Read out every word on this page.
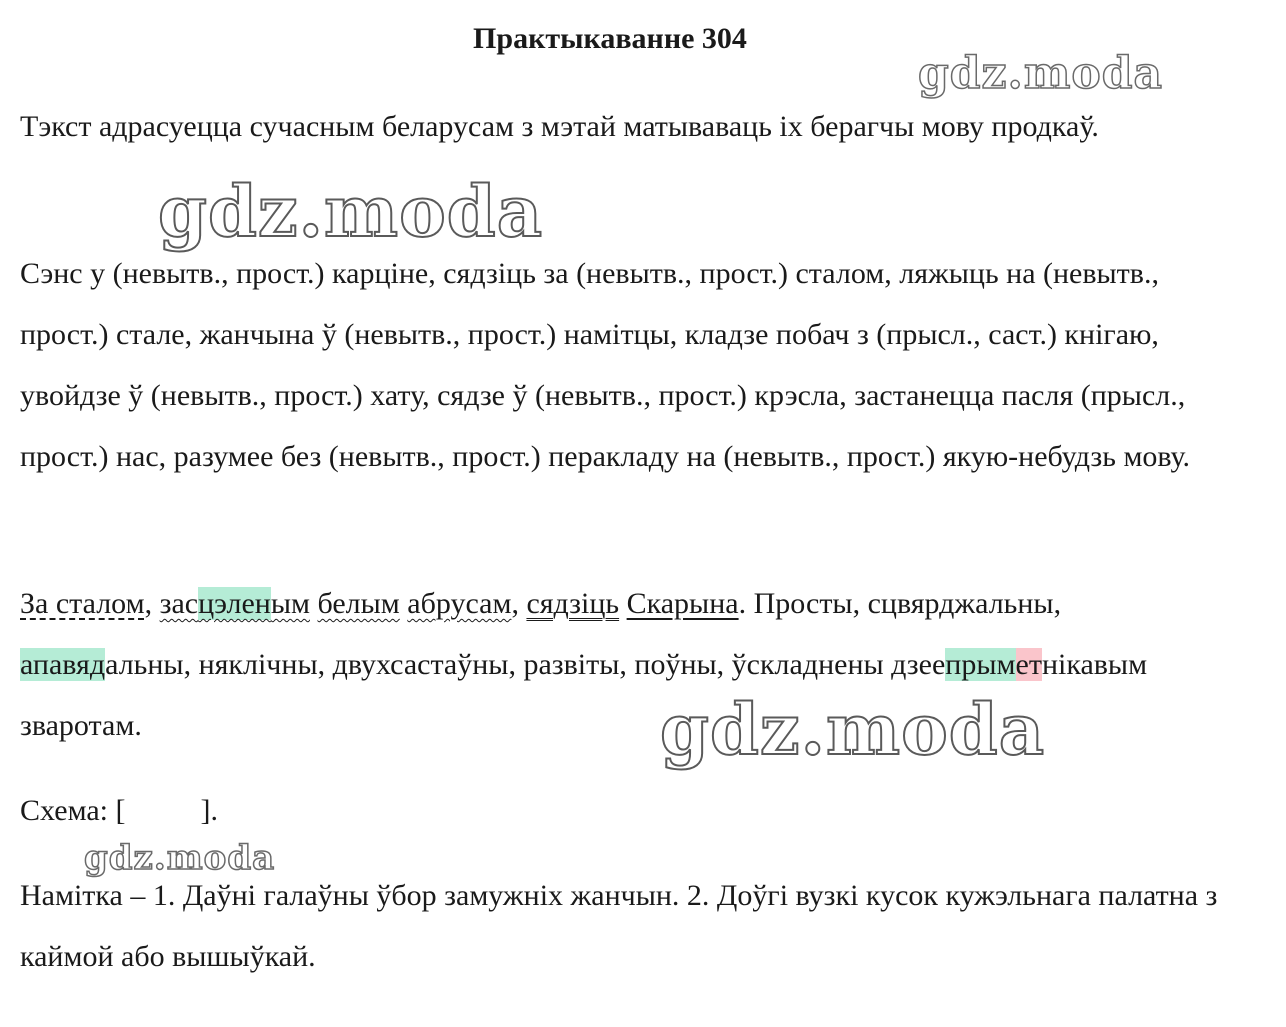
Практыкаванне 304

Тэкст адрасуецца сучасным беларусам з мэтай матываваць іх берагчы мову продкаў.

Сэнс у (невытв., прост.) карціне, сядзіць за (невытв., прост.) сталом, ляжыць на (невытв., прост.) стале, жанчына ў (невытв., прост.) намітцы, кладзе побач з (прысл., саст.) кнігаю, увойдзе ў (невытв., прост.) хату, сядзе ў (невытв., прост.) крэсла, застанецца пасля (прысл., прост.) нас, разумее без (невытв., прост.) перакладу на (невытв., прост.) якую-небудзь мову.

За сталом, засцэленым белым абрусам, сядзіць Скарына. Просты, сцвярджальны, апавядальны, няклічны, двухсастаўны, развіты, поўны, ўскладнены дзеепрыметнікавым зваротам.

Схема: [          ].

Намітка – 1. Даўні галаўны ўбор замужніх жанчын. 2. Доўгі вузкі кусок кужэльнага палатна з каймой або вышыўкай.

gdz.moda
gdz.moda
gdz.moda
gdz.moda
